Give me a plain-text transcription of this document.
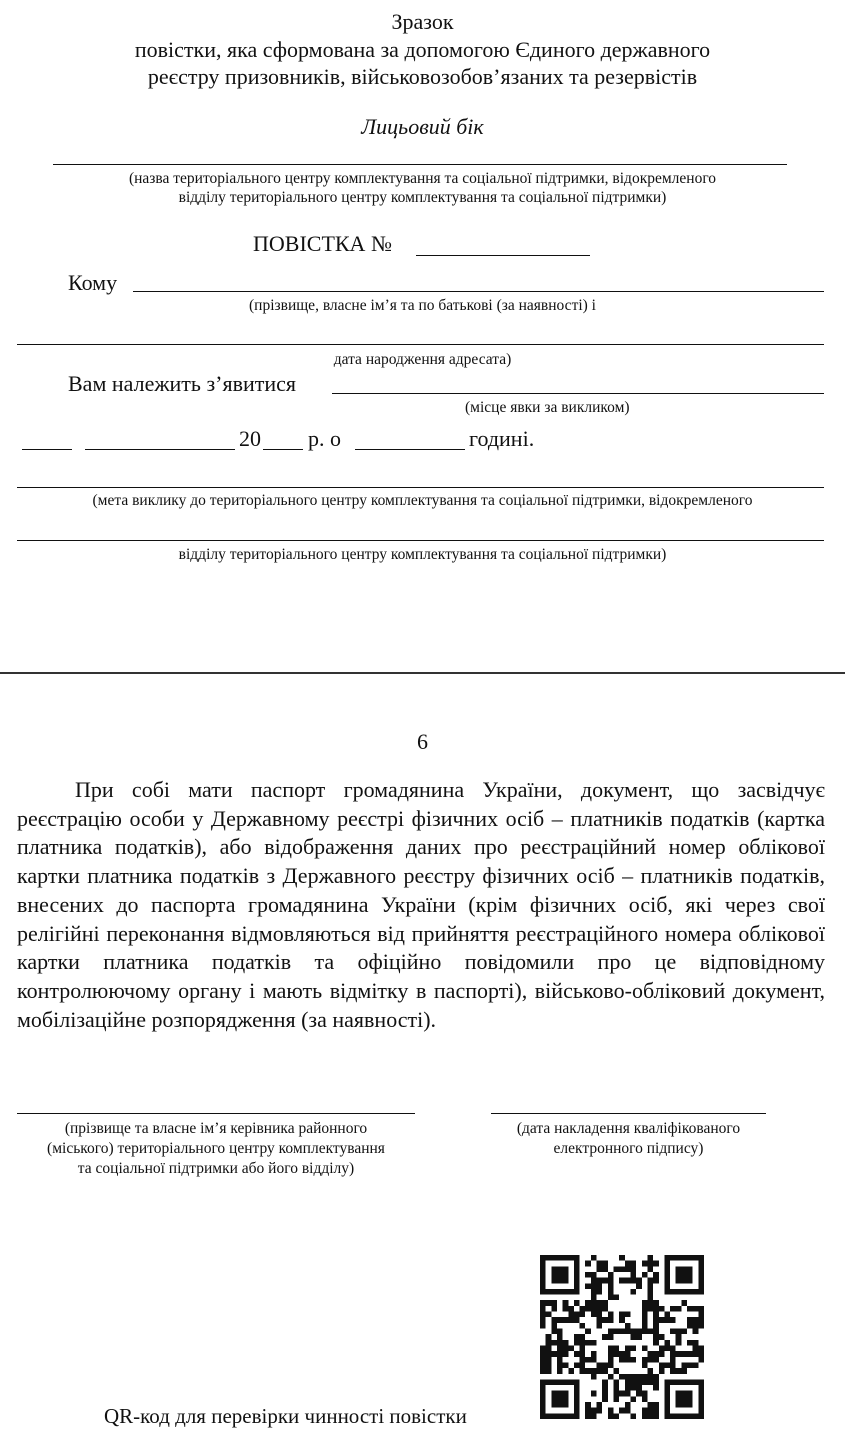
Зразок
повістки, яка сформована за допомогою Єдиного державного
реєстру призовників, військовозобов’язаних та резервістів
Лицьовий бік
(назва територіального центру комплектування та соціальної підтримки, відокремленого
відділу територіального центру комплектування та соціальної підтримки)
ПОВІСТКА №
Кому
(прізвище, власне ім’я та по батькові (за наявності) і
дата народження адресата)
Вам належить з’явитися
(місце явки за викликом)
20 р. о	годині.
(мета виклику до територіального центру комплектування та соціальної підтримки, відокремленого
відділу територіального центру комплектування та соціальної підтримки)
6
При собі мати паспорт громадянина України, документ, що засвідчує реєстрацію особи у Державному реєстрі фізичних осіб – платників податків (картка платника податків), або відображення даних про реєстраційний номер облікової картки платника податків з Державного реєстру фізичних осіб – платників податків, внесених до паспорта громадянина України (крім фізичних осіб, які через свої релігійні переконання відмовляються від прийняття реєстраційного номера облікової картки платника податків та офіційно повідомили про це відповідному контролюючому органу і мають відмітку в паспорті), військово-обліковий документ, мобілізаційне розпорядження (за наявності).
(прізвище та власне ім’я керівника районного
(міського) територіального центру комплектування
та соціальної підтримки або його відділу)
(дата накладення кваліфікованого
електронного підпису)
QR-код для перевірки чинності повістки
